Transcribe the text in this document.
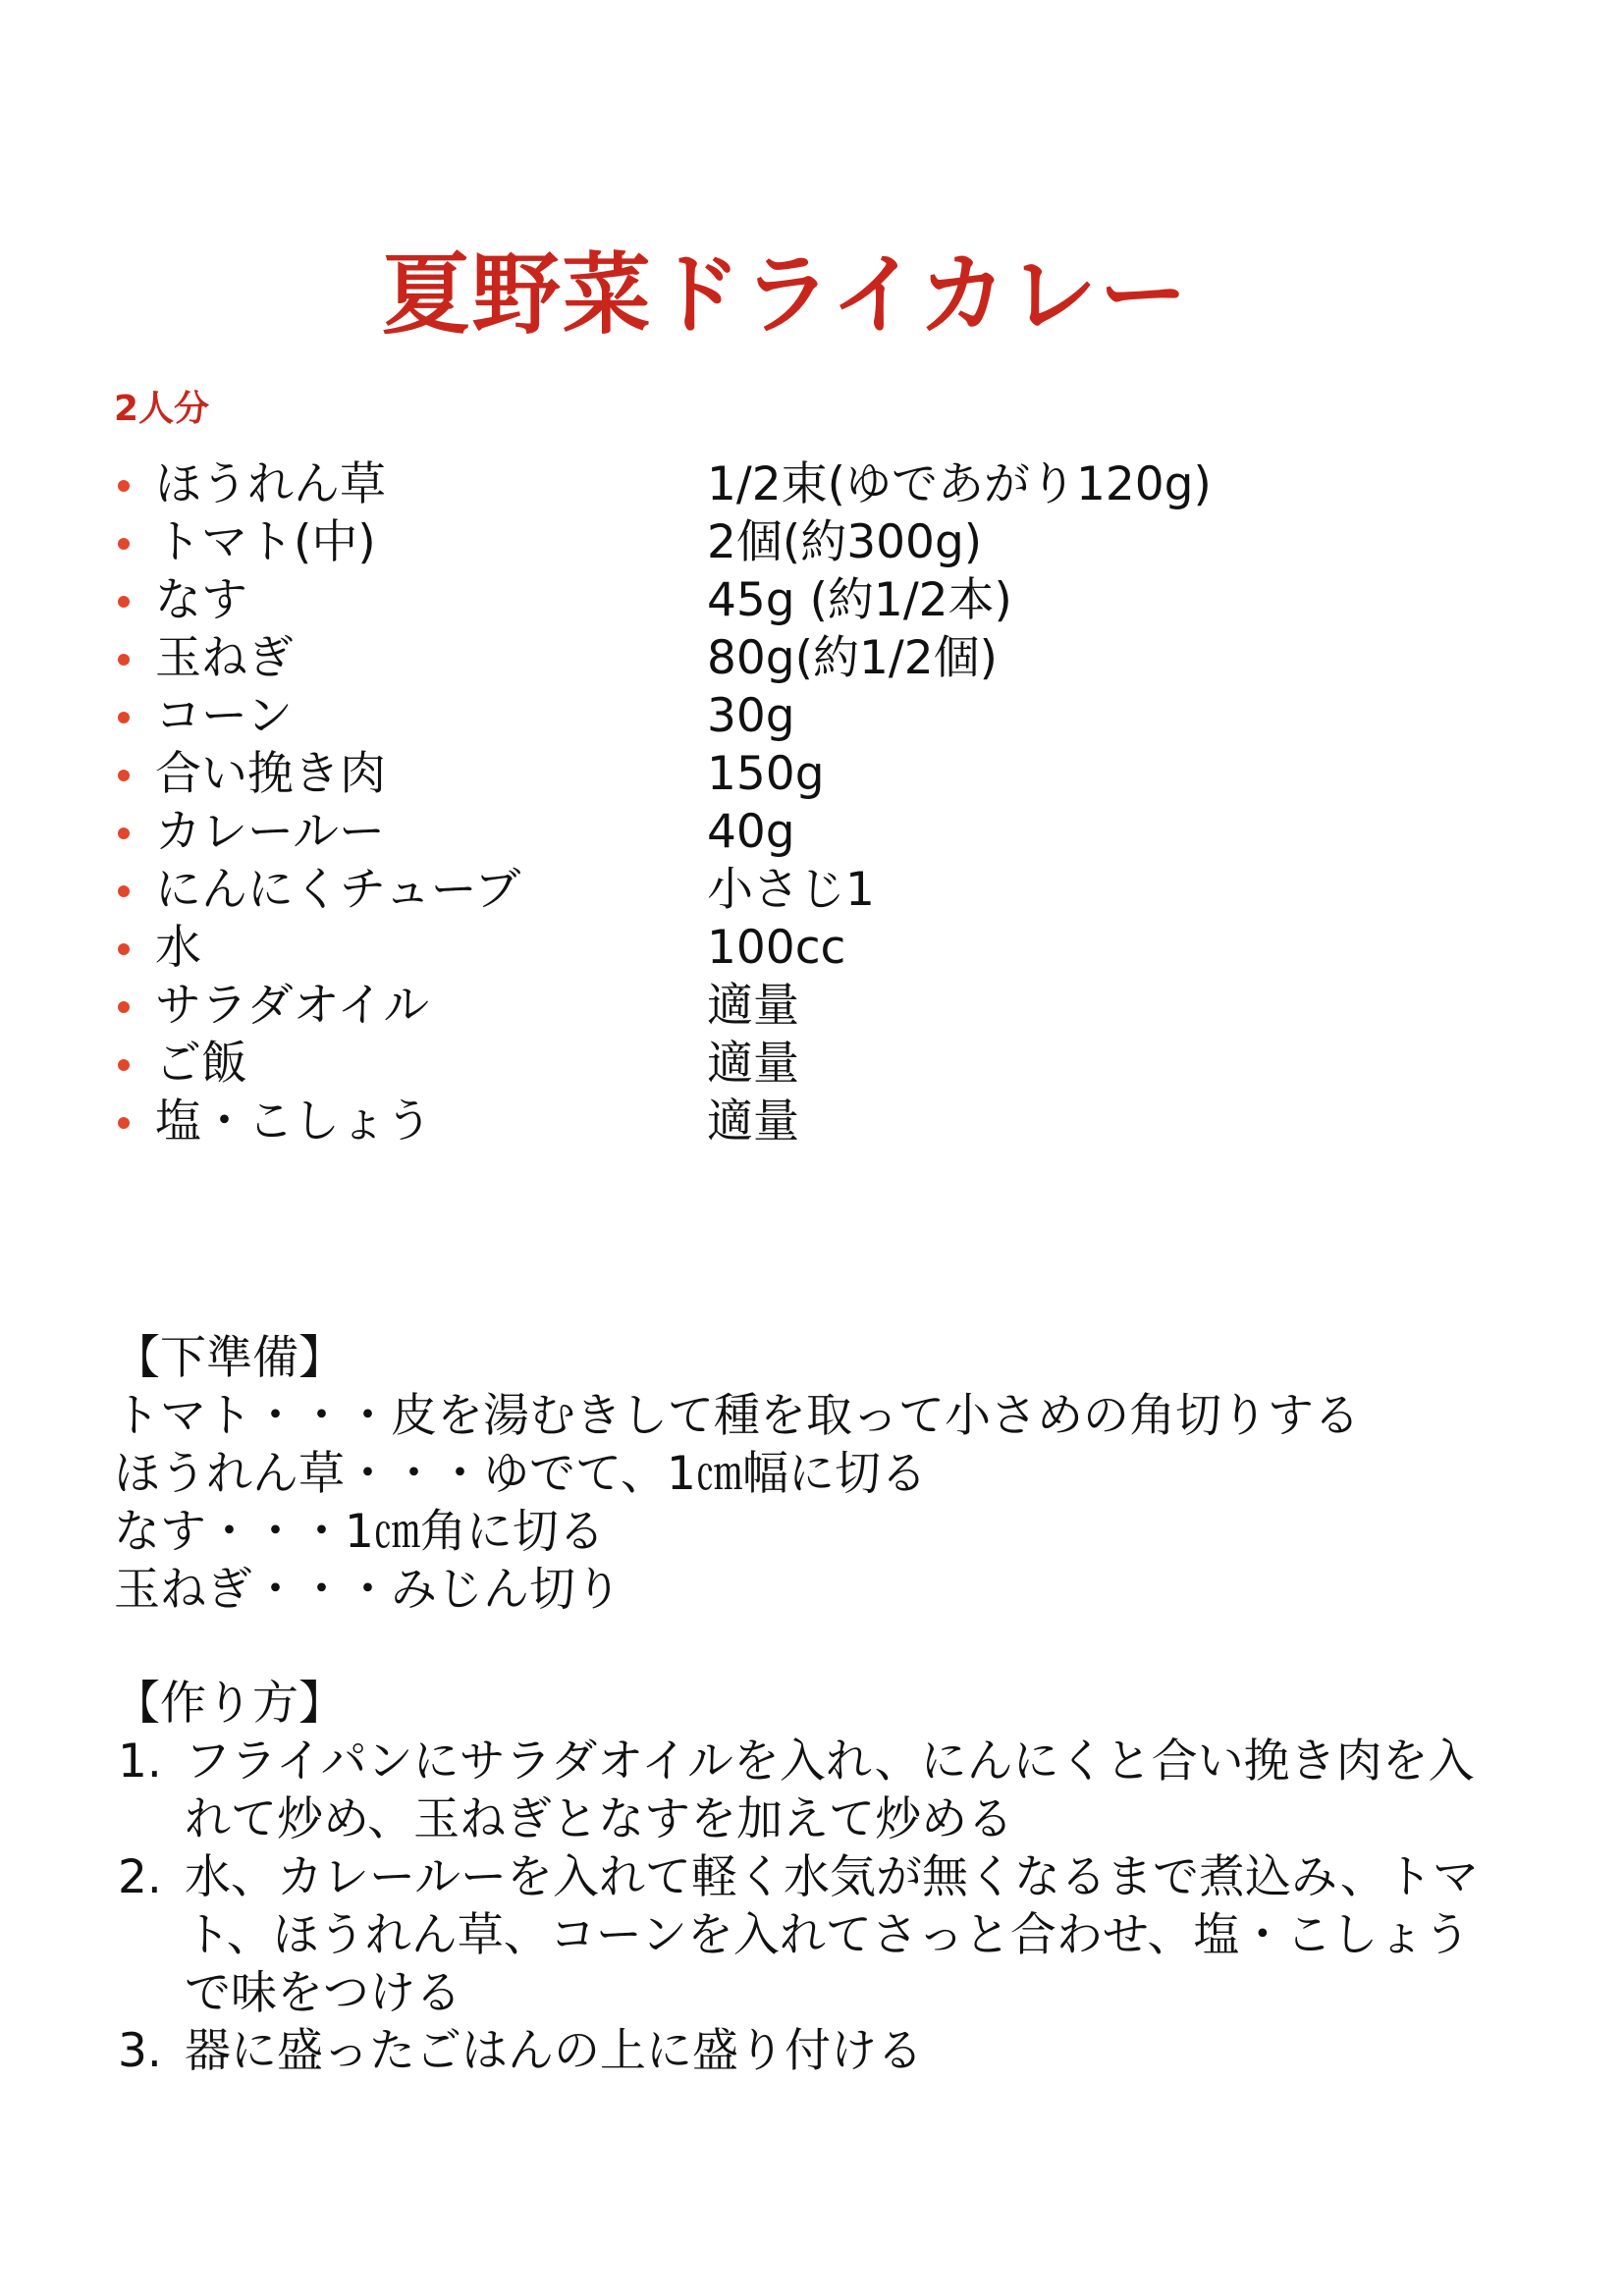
夏野菜ドライカレー
2人分
ほうれん草	1/2束(ゆであがり120g)
トマト(中)	2個(約300g)
なす	45g (約1/2本)
玉ねぎ	80g(約1/2個)
コーン	30g
合い挽き肉	150g
カレールー	40g
にんにくチューブ	小さじ1
水	100cc
サラダオイル	適量
ご飯	適量
塩・こしょう	適量
【下準備】
トマト・・・皮を湯むきして種を取って小さめの角切りする
ほうれん草・・・ゆでて、1㎝幅に切る
なす・・・1㎝角に切る
玉ねぎ・・・みじん切り
【作り方】
1. フライパンにサラダオイルを入れ、にんにくと合い挽き肉を入れて炒め、玉ねぎとなすを加えて炒める
2. 水、カレールーを入れて軽く水気が無くなるまで煮込み、トマト、ほうれん草、コーンを入れてさっと合わせ、塩・こしょうで味をつける
3. 器に盛ったごはんの上に盛り付ける
